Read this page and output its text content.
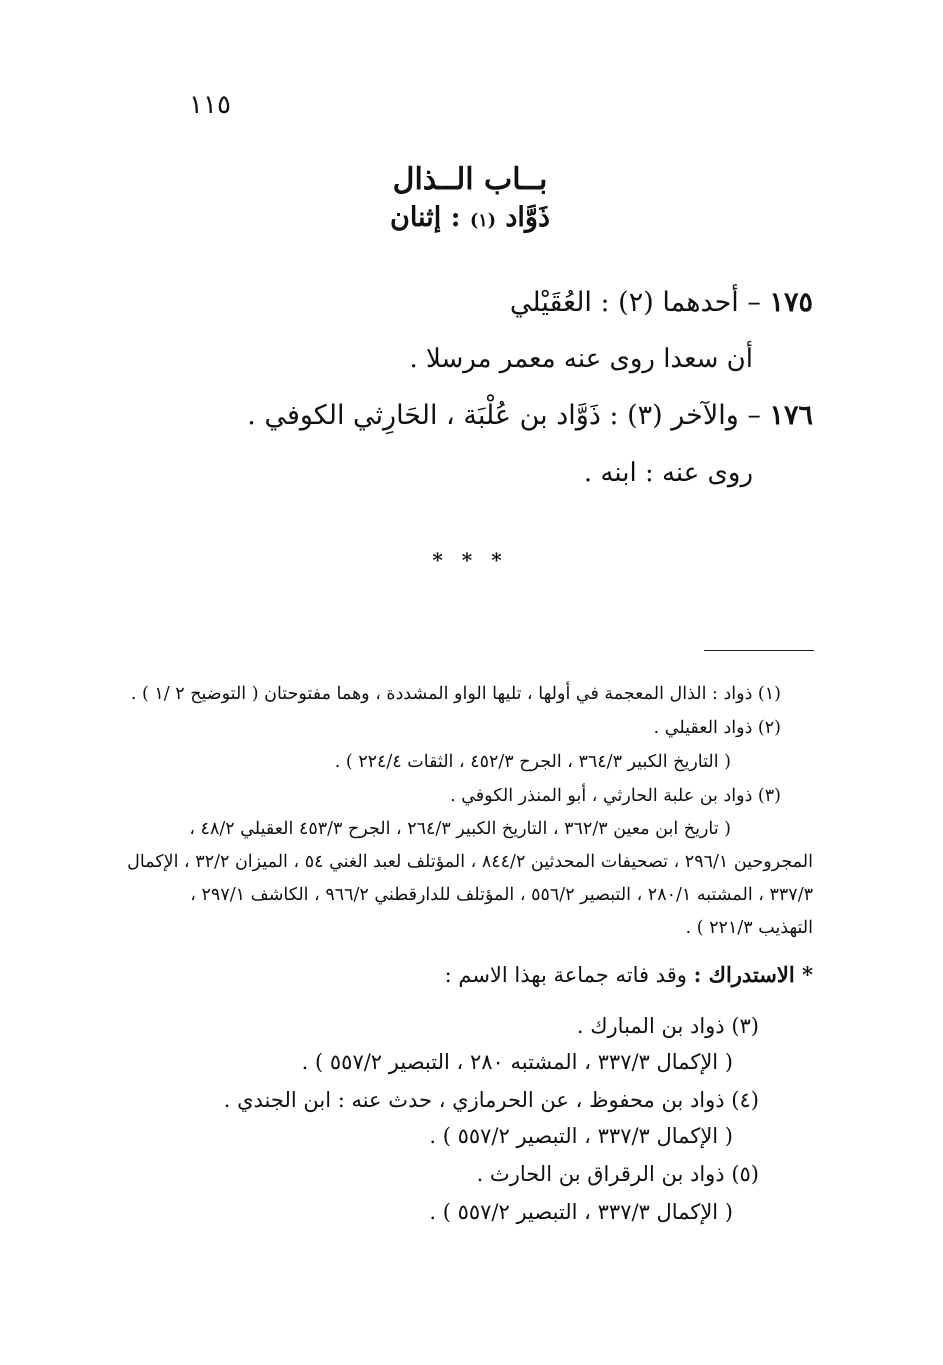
١١٥
بــاب الــذال
ذَوَّاد (١) : إثنان
١٧٥ – أحدهما (٢) : العُقَيْلي
أن سعدا روى عنه معمر مرسلا .
١٧٦ – والآخر (٣) : ذَوَّاد بن عُلْبَة ، الحَارِثي الكوفي .
روى عنه : ابنه .
* * *
(١) ذواد : الذال المعجمة في أولها ، تليها الواو المشددة ، وهما مفتوحتان ( التوضيح ٢ /١ ) .
(٢) ذواد العقيلي .
( التاريخ الكبير ٣٦٤/٣ ، الجرح ٤٥٢/٣ ، الثقات ٢٢٤/٤ ) .
(٣) ذواد بن علبة الحارثي ، أبو المنذر الكوفي .
( تاريخ ابن معين ٣٦٢/٣ ، التاريخ الكبير ٢٦٤/٣ ، الجرح ٤٥٣/٣ العقيلي ٤٨/٢ ،
المجروحين ٢٩٦/١ ، تصحيفات المحدثين ٨٤٤/٢ ، المؤتلف لعبد الغني ٥٤ ، الميزان ٣٢/٢ ، الإكمال
٣٣٧/٣ ، المشتبه ٢٨٠/١ ، التبصير ٥٥٦/٢ ، المؤتلف للدارقطني ٩٦٦/٢ ، الكاشف ٢٩٧/١ ،
التهذيب ٢٢١/٣ ) .
* الاستدراك : وقد فاته جماعة بهذا الاسم :
(٣) ذواد بن المبارك .
( الإكمال ٣٣٧/٣ ، المشتبه ٢٨٠ ، التبصير ٥٥٧/٢ ) .
(٤) ذواد بن محفوظ ، عن الحرمازي ، حدث عنه : ابن الجندي .
( الإكمال ٣٣٧/٣ ، التبصير ٥٥٧/٢ ) .
(٥) ذواد بن الرقراق بن الحارث .
( الإكمال ٣٣٧/٣ ، التبصير ٥٥٧/٢ ) .
